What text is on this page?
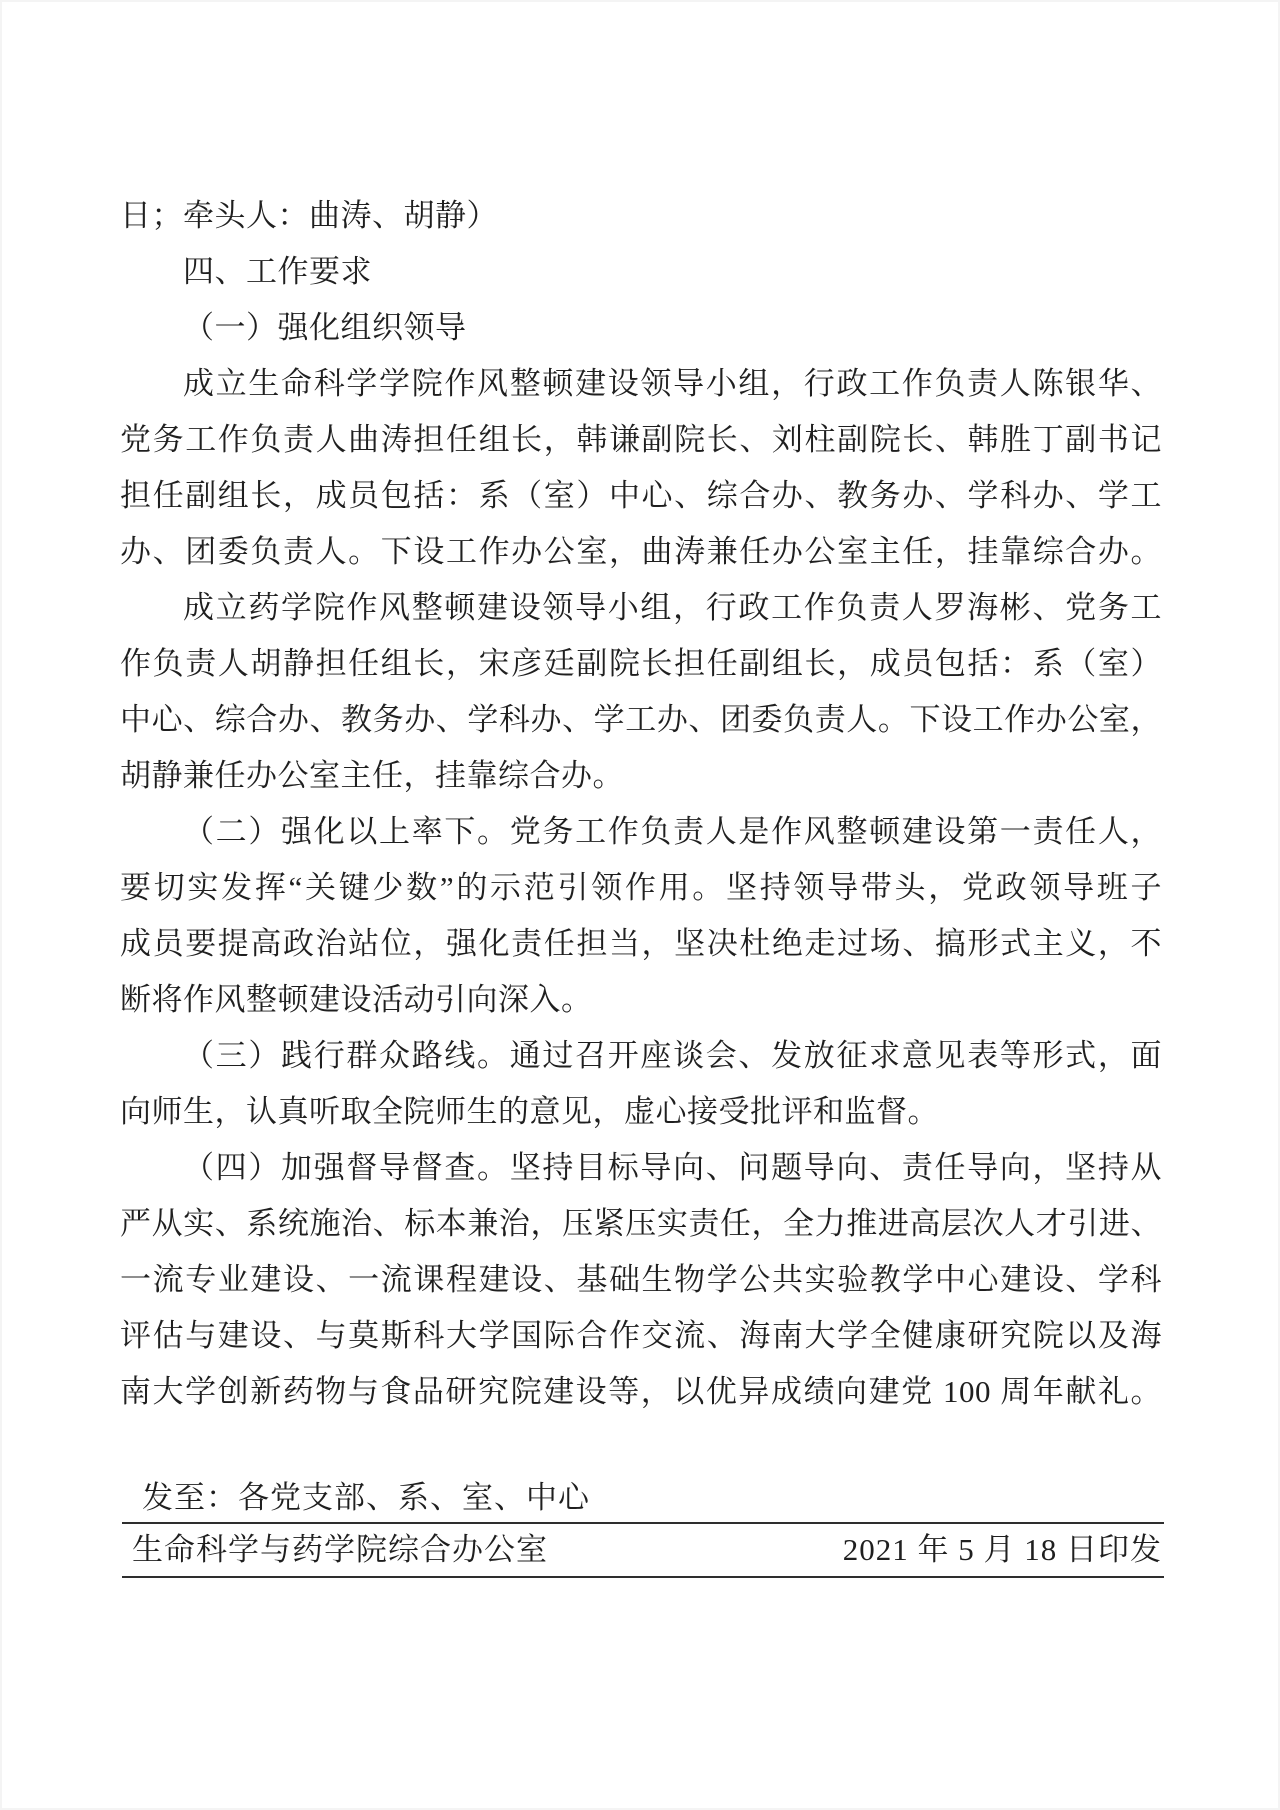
日；牵头人：曲涛、胡静）
四、工作要求
（一）强化组织领导
成立生命科学学院作风整顿建设领导小组，行政工作负责人陈银华、
党务工作负责人曲涛担任组长，韩谦副院长、刘柱副院长、韩胜丁副书记
担任副组长，成员包括：系（室）中心、综合办、教务办、学科办、学工
办、团委负责人。下设工作办公室，曲涛兼任办公室主任，挂靠综合办。
成立药学院作风整顿建设领导小组，行政工作负责人罗海彬、党务工
作负责人胡静担任组长，宋彦廷副院长担任副组长，成员包括：系（室）
中心、综合办、教务办、学科办、学工办、团委负责人。下设工作办公室，
胡静兼任办公室主任，挂靠综合办。
（二）强化以上率下。党务工作负责人是作风整顿建设第一责任人，
要切实发挥“关键少数”的示范引领作用。坚持领导带头，党政领导班子
成员要提高政治站位，强化责任担当，坚决杜绝走过场、搞形式主义，不
断将作风整顿建设活动引向深入。
（三）践行群众路线。通过召开座谈会、发放征求意见表等形式，面
向师生，认真听取全院师生的意见，虚心接受批评和监督。
（四）加强督导督查。坚持目标导向、问题导向、责任导向，坚持从
严从实、系统施治、标本兼治，压紧压实责任，全力推进高层次人才引进、
一流专业建设、一流课程建设、基础生物学公共实验教学中心建设、学科
评估与建设、与莫斯科大学国际合作交流、海南大学全健康研究院以及海
南大学创新药物与食品研究院建设等，以优异成绩向建党 100 周年献礼。
发至：各党支部、系、室、中心
生命科学与药学院综合办公室	2021 年 5 月 18 日印发
